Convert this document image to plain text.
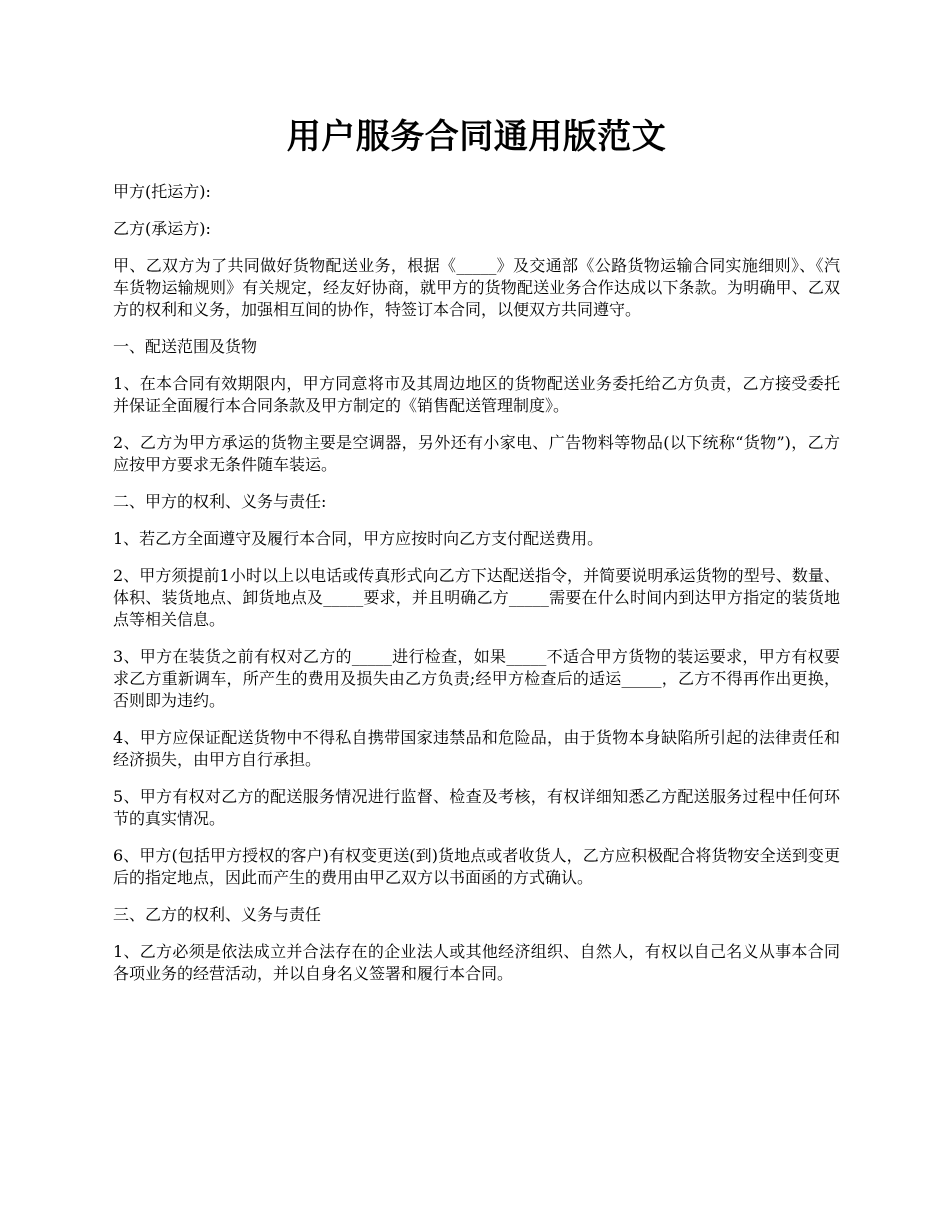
用户服务合同通用版范文

甲方(托运方):

乙方(承运方):

甲、乙双方为了共同做好货物配送业务，根据《_____》及交通部《公路货物运输合同实施细则》、《汽车货物运输规则》有关规定，经友好协商，就甲方的货物配送业务合作达成以下条款。为明确甲、乙双方的权利和义务，加强相互间的协作，特签订本合同，以便双方共同遵守。

一、配送范围及货物

1、在本合同有效期限内，甲方同意将市及其周边地区的货物配送业务委托给乙方负责，乙方接受委托并保证全面履行本合同条款及甲方制定的《销售配送管理制度》。

2、乙方为甲方承运的货物主要是空调器，另外还有小家电、广告物料等物品(以下统称“货物”)，乙方应按甲方要求无条件随车装运。

二、甲方的权利、义务与责任:

1、若乙方全面遵守及履行本合同，甲方应按时向乙方支付配送费用。

2、甲方须提前1小时以上以电话或传真形式向乙方下达配送指令，并简要说明承运货物的型号、数量、体积、装货地点、卸货地点及_____要求，并且明确乙方_____需要在什么时间内到达甲方指定的装货地点等相关信息。

3、甲方在装货之前有权对乙方的_____进行检查，如果_____不适合甲方货物的装运要求，甲方有权要求乙方重新调车，所产生的费用及损失由乙方负责;经甲方检查后的适运_____，乙方不得再作出更换，否则即为违约。

4、甲方应保证配送货物中不得私自携带国家违禁品和危险品，由于货物本身缺陷所引起的法律责任和经济损失，由甲方自行承担。

5、甲方有权对乙方的配送服务情况进行监督、检查及考核，有权详细知悉乙方配送服务过程中任何环节的真实情况。

6、甲方(包括甲方授权的客户)有权变更送(到)货地点或者收货人，乙方应积极配合将货物安全送到变更后的指定地点，因此而产生的费用由甲乙双方以书面函的方式确认。

三、乙方的权利、义务与责任

1、乙方必须是依法成立并合法存在的企业法人或其他经济组织、自然人，有权以自己名义从事本合同各项业务的经营活动，并以自身名义签署和履行本合同。
